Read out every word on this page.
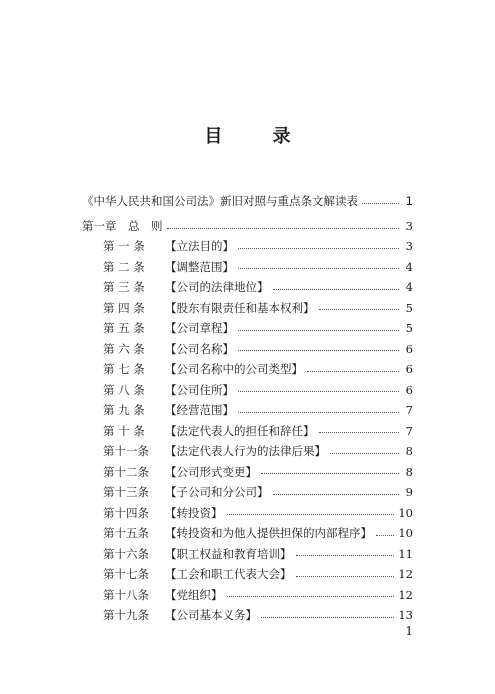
目 录
《中华人民共和国公司法》新旧对照与重点条文解读表	1
第一章　总　则	3
第 一 条	【立法目的】	3
第 二 条	【调整范围】	4
第 三 条	【公司的法律地位】	4
第 四 条	【股东有限责任和基本权利】	5
第 五 条	【公司章程】	5
第 六 条	【公司名称】	6
第 七 条	【公司名称中的公司类型】	6
第 八 条	【公司住所】	6
第 九 条	【经营范围】	7
第 十 条	【法定代表人的担任和辞任】	7
第十一条	【法定代表人行为的法律后果】	8
第十二条	【公司形式变更】	8
第十三条	【子公司和分公司】	9
第十四条	【转投资】	10
第十五条	【转投资和为他人提供担保的内部程序】 10
第十六条	【职工权益和教育培训】	11
第十七条	【工会和职工代表大会】	12
第十八条	【党组织】	12
第十九条	【公司基本义务】	13
1
